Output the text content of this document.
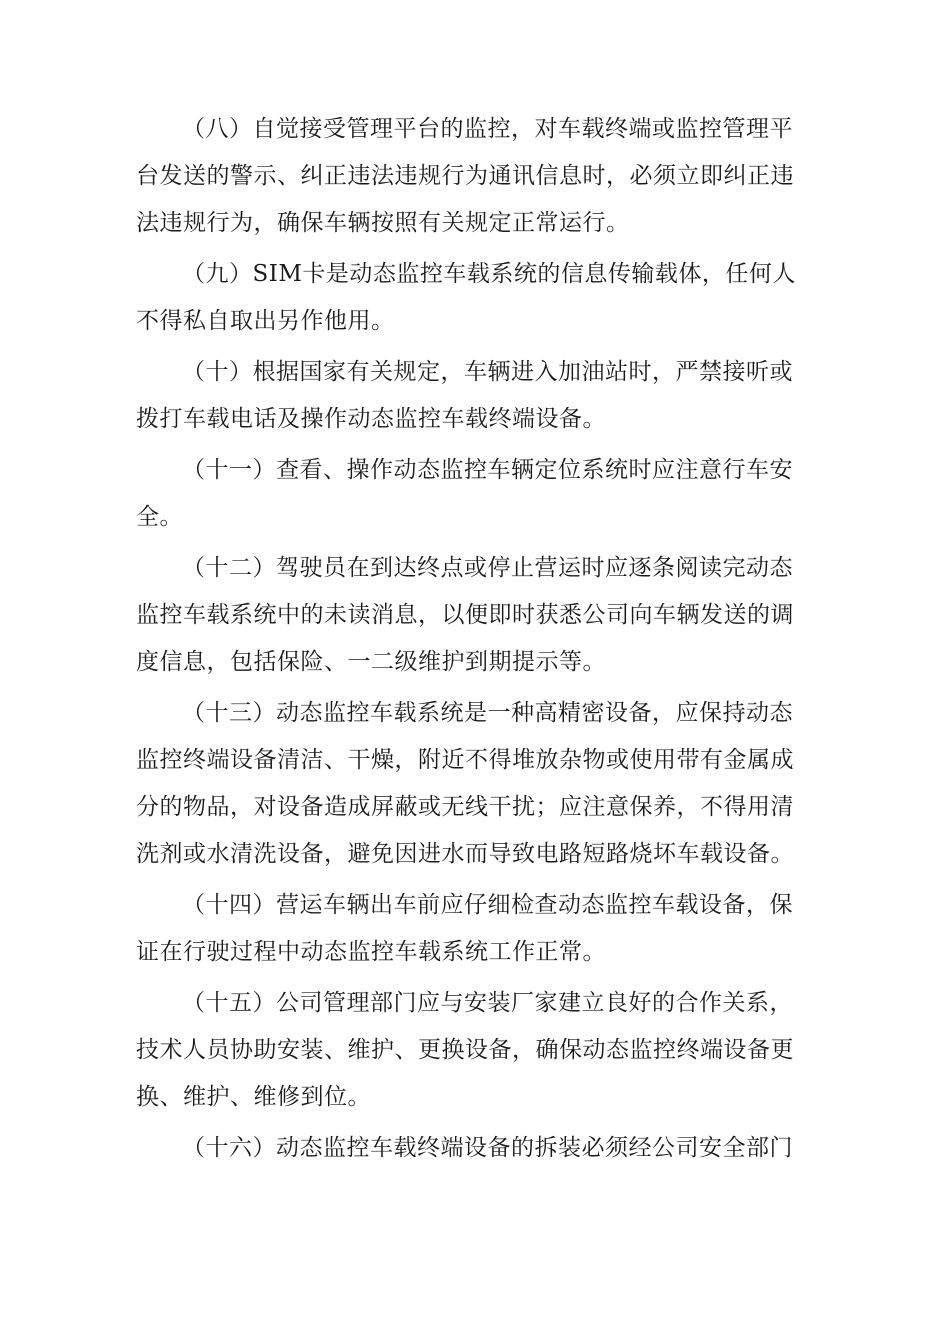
（八）自觉接受管理平台的监控，对车载终端或监控管理平台发送的警示、纠正违法违规行为通讯信息时，必须立即纠正违法违规行为，确保车辆按照有关规定正常运行。

（九）SIM卡是动态监控车载系统的信息传输载体，任何人不得私自取出另作他用。

（十）根据国家有关规定，车辆进入加油站时，严禁接听或拨打车载电话及操作动态监控车载终端设备。

（十一）查看、操作动态监控车辆定位系统时应注意行车安全。

（十二）驾驶员在到达终点或停止营运时应逐条阅读完动态监控车载系统中的未读消息，以便即时获悉公司向车辆发送的调度信息，包括保险、一二级维护到期提示等。

（十三）动态监控车载系统是一种高精密设备，应保持动态监控终端设备清洁、干燥，附近不得堆放杂物或使用带有金属成分的物品，对设备造成屏蔽或无线干扰；应注意保养，不得用清洗剂或水清洗设备，避免因进水而导致电路短路烧坏车载设备。

（十四）营运车辆出车前应仔细检查动态监控车载设备，保证在行驶过程中动态监控车载系统工作正常。

（十五）公司管理部门应与安装厂家建立良好的合作关系，技术人员协助安装、维护、更换设备，确保动态监控终端设备更换、维护、维修到位。

（十六）动态监控车载终端设备的拆装必须经公司安全部门
